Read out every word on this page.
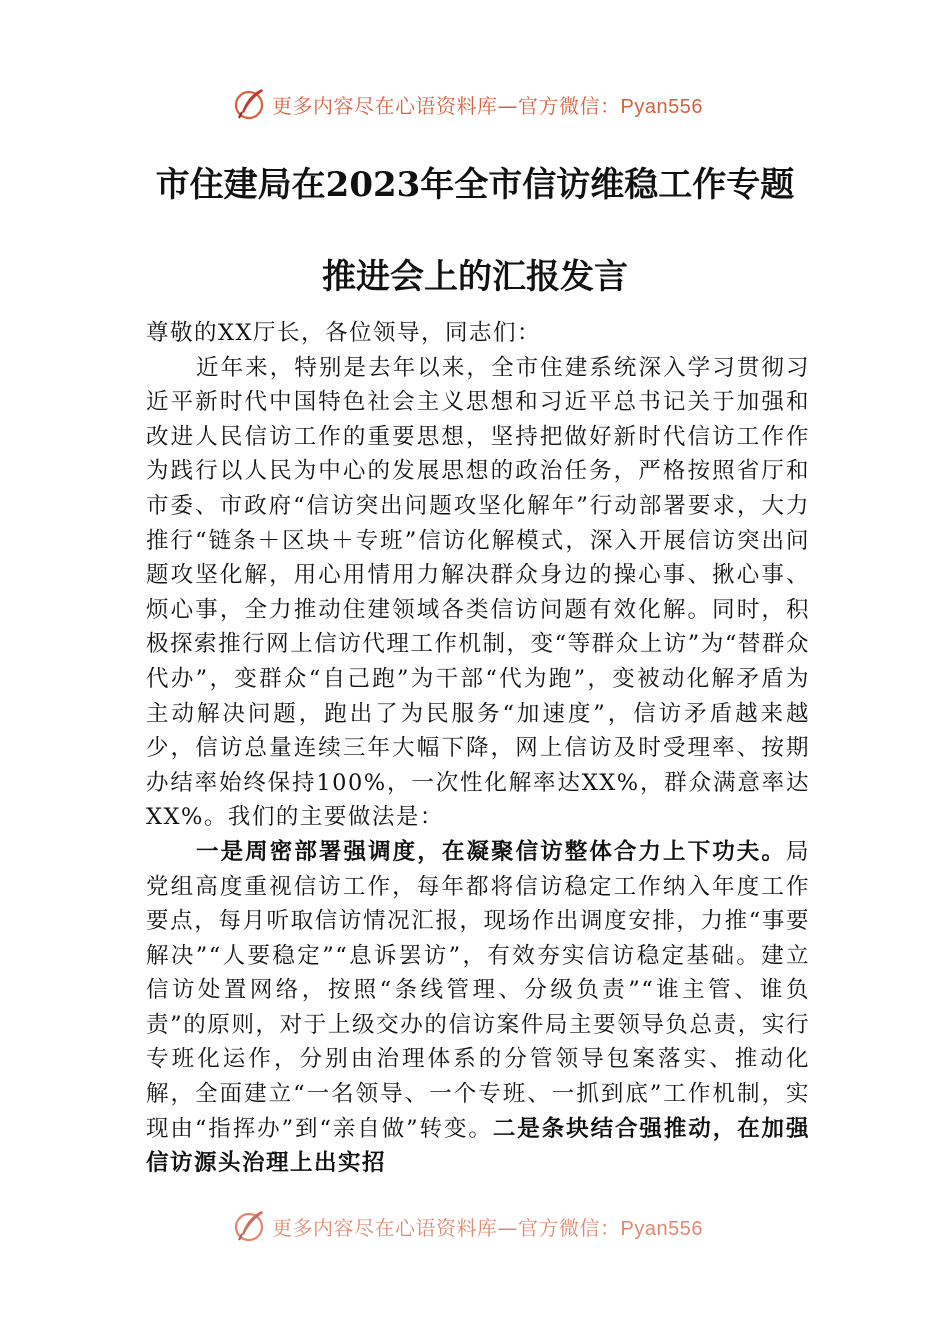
更多内容尽在心语资料库—官方微信：Pyan556
市住建局在2023年全市信访维稳工作专题
推进会上的汇报发言

尊敬的XX厅长，各位领导，同志们：

近年来，特别是去年以来，全市住建系统深入学习贯彻习近平新时代中国特色社会主义思想和习近平总书记关于加强和改进人民信访工作的重要思想，坚持把做好新时代信访工作作为践行以人民为中心的发展思想的政治任务，严格按照省厅和市委、市政府“信访突出问题攻坚化解年”行动部署要求，大力推行“链条＋区块＋专班”信访化解模式，深入开展信访突出问题攻坚化解，用心用情用力解决群众身边的操心事、揪心事、烦心事，全力推动住建领域各类信访问题有效化解。同时，积极探索推行网上信访代理工作机制，变“等群众上访”为“替群众代办”，变群众“自己跑”为干部“代为跑”，变被动化解矛盾为主动解决问题，跑出了为民服务“加速度”，信访矛盾越来越少，信访总量连续三年大幅下降，网上信访及时受理率、按期办结率始终保持100%，一次性化解率达XX%，群众满意率达XX%。我们的主要做法是：

一是周密部署强调度，在凝聚信访整体合力上下功夫。局党组高度重视信访工作，每年都将信访稳定工作纳入年度工作要点，每月听取信访情况汇报，现场作出调度安排，力推“事要解决”“人要稳定”“息诉罢访”，有效夯实信访稳定基础。建立信访处置网络，按照“条线管理、分级负责”“谁主管、谁负责”的原则，对于上级交办的信访案件局主要领导负总责，实行专班化运作，分别由治理体系的分管领导包案落实、推动化解，全面建立“一名领导、一个专班、一抓到底”工作机制，实现由“指挥办”到“亲自做”转变。二是条块结合强推动，在加强信访源头治理上出实招

更多内容尽在心语资料库—官方微信：Pyan556
